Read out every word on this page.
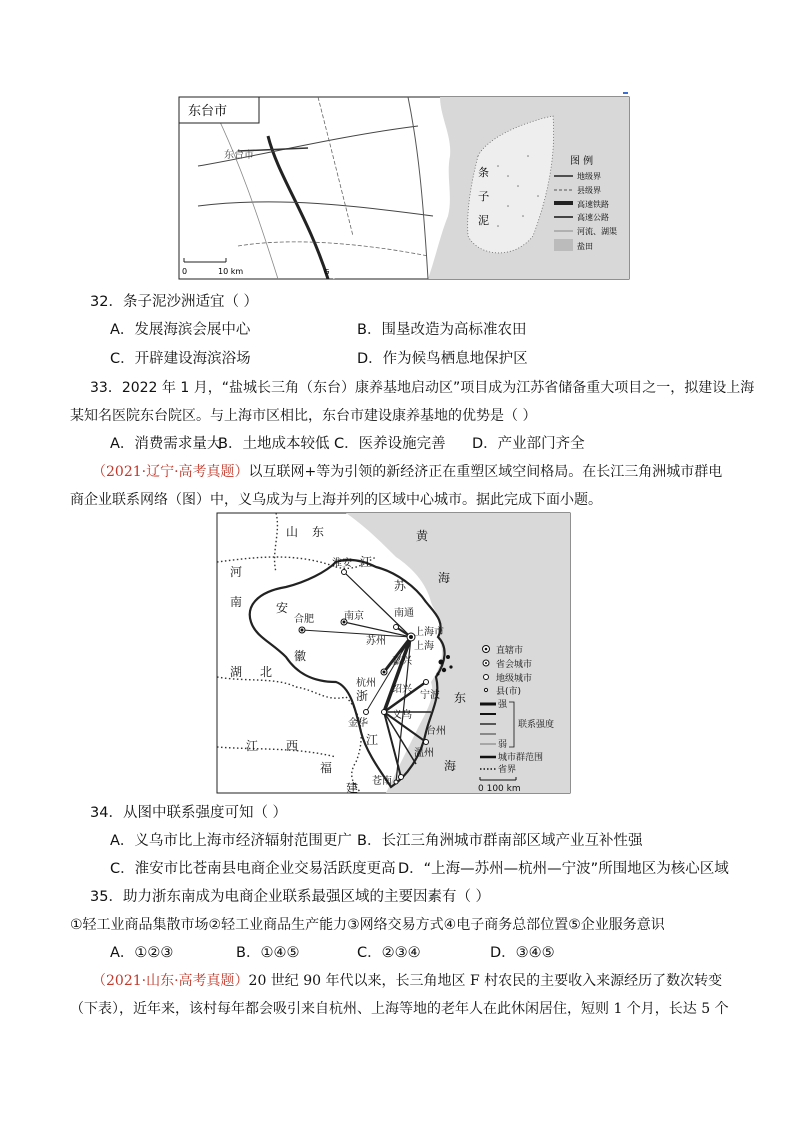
东台市
东台市
条
子
泥
图 例
地级界
县级界
高速铁路
高速公路
河流、湖渠
盐田
0	10 km	G
32．条子泥沙洲适宜（ ）
A．发展海滨会展中心	B．围垦改造为高标准农田
C．开辟建设海滨浴场	D．作为候鸟栖息地保护区
33．2022 年 1 月，“盐城长三角（东台）康养基地启动区”项目成为江苏省储备重大项目之一，拟建设上海
某知名医院东台院区。与上海市区相比，东台市建设康养基地的优势是（ ）
A．消费需求量大
B．土地成本较低 C．医养设施完善 D．产业部门齐全
（2021·辽宁·高考真题）以互联网+等为引领的新经济正在重塑区域空间格局。在长江三角洲城市群电
商企业联系网络（图）中，义乌成为与上海并列的区域中心城市。据此完成下面小题。
山 东	黄
海
河
南
江
苏
安
徽
湖 北
江 西
福
建
浙
江
东
海
淮安
南通
南京
合肥
苏州
上海市
上海
嘉兴
杭州
绍兴
宁波
义乌
金华
台州
温州
苍南
直辖市
省会城市
地级城市
县(市)
强
弱
联系强度
城市群范围
省界
0 100 km
34．从图中联系强度可知（ ）
A．义乌市比上海市经济辐射范围更广 B．长江三角洲城市群南部区域产业互补性强
C．淮安市比苍南县电商企业交易活跃度更高 D．“上海—苏州—杭州—宁波”所围地区为核心区域
35．助力浙东南成为电商企业联系最强区域的主要因素有（ ）
①轻工业商品集散市场②轻工业商品生产能力③网络交易方式④电子商务总部位置⑤企业服务意识
A．①②③	B．①④⑤	C．②③④	D．③④⑤
（2021·山东·高考真题）20 世纪 90 年代以来，长三角地区 F 村农民的主要收入来源经历了数次转变
（下表），近年来，该村每年都会吸引来自杭州、上海等地的老年人在此休闲居住，短则 1 个月，长达 5 个
